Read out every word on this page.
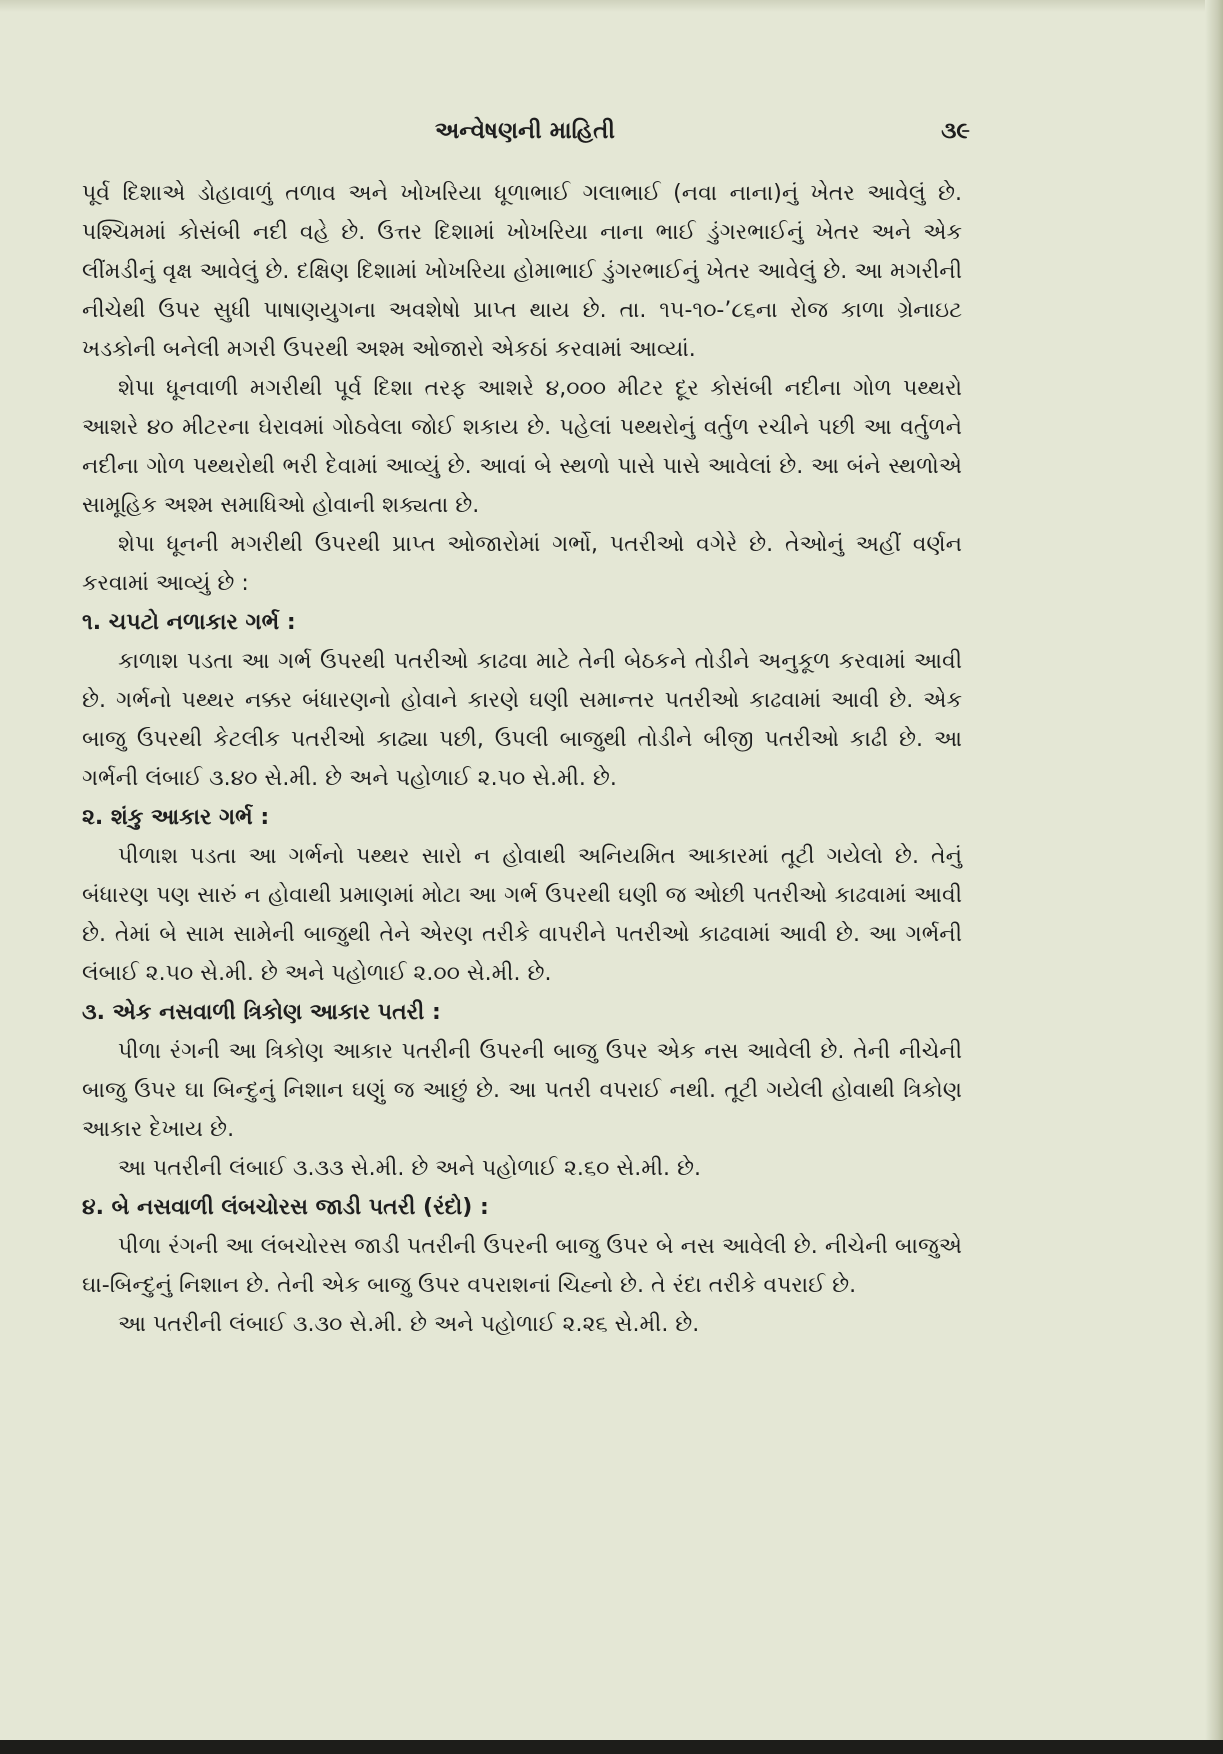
અન્વેષણની માહિતી	૩૯

પૂર્વ દિશાએ ડોહાવાળું તળાવ અને ખોખરિયા ધૂળાભાઈ ગલાભાઈ (નવા નાના)નું ખેતર આવેલું છે. પશ્ચિમમાં કોસંબી નદી વહે છે. ઉત્તર દિશામાં ખોખરિયા નાના ભાઈ ડુંગરભાઈનું ખેતર અને એક લીંમડીનું વૃક્ષ આવેલું છે. દક્ષિણ દિશામાં ખોખરિયા હોમાભાઈ ડુંગરભાઈનું ખેતર આવેલું છે. આ મગરીની નીચેથી ઉપર સુધી પાષાણયુગના અવશેષો પ્રાપ્ત થાય છે. તા. ૧૫-૧૦-’૮૬ના રોજ કાળા ગ્રેનાઇટ ખડકોની બનેલી મગરી ઉપરથી અશ્મ ઓજારો એકઠાં કરવામાં આવ્યાં.

શેપા ધૂનવાળી મગરીથી પૂર્વ દિશા તરફ આશરે ૪,૦૦૦ મીટર દૂર કોસંબી નદીના ગોળ પથ્થરો આશરે ૪૦ મીટરના ઘેરાવમાં ગોઠવેલા જોઈ શકાય છે. પહેલાં પથ્થરોનું વર્તુળ રચીને પછી આ વર્તુળને નદીના ગોળ પથ્થરોથી ભરી દેવામાં આવ્યું છે. આવાં બે સ્થળો પાસે પાસે આવેલાં છે. આ બંને સ્થળોએ સામૂહિક અશ્મ સમાધિઓ હોવાની શક્યતા છે.

શેપા ધૂનની મગરીથી ઉપરથી પ્રાપ્ત ઓજારોમાં ગર્ભો, પતરીઓ વગેરે છે. તેઓનું અહીં વર્ણન કરવામાં આવ્યું છે :

૧. ચપટો નળાકાર ગર્ભ :

કાળાશ પડતા આ ગર્ભ ઉપરથી પતરીઓ કાઢવા માટે તેની બેઠકને તોડીને અનુકૂળ કરવામાં આવી છે. ગર્ભનો પથ્થર નક્કર બંધારણનો હોવાને કારણે ઘણી સમાન્તર પતરીઓ કાઢવામાં આવી છે. એક બાજુ ઉપરથી કેટલીક પતરીઓ કાઢ્યા પછી, ઉપલી બાજુથી તોડીને બીજી પતરીઓ કાઢી છે. આ ગર્ભની લંબાઈ ૩.૪૦ સે.મી. છે અને પહોળાઈ ૨.૫૦ સે.મી. છે.

૨. શંકુ આકાર ગર્ભ :

પીળાશ પડતા આ ગર્ભનો પથ્થર સારો ન હોવાથી અનિયમિત આકારમાં તૂટી ગયેલો છે. તેનું બંધારણ પણ સારું ન હોવાથી પ્રમાણમાં મોટા આ ગર્ભ ઉપરથી ઘણી જ ઓછી પતરીઓ કાઢવામાં આવી છે. તેમાં બે સામ સામેની બાજુથી તેને એરણ તરીકે વાપરીને પતરીઓ કાઢવામાં આવી છે. આ ગર્ભની લંબાઈ ૨.૫૦ સે.મી. છે અને પહોળાઈ ૨.૦૦ સે.મી. છે.

૩. એક નસવાળી ત્રિકોણ આકાર પતરી :

પીળા રંગની આ ત્રિકોણ આકાર પતરીની ઉપરની બાજુ ઉપર એક નસ આવેલી છે. તેની નીચેની બાજુ ઉપર ઘા બિન્દુનું નિશાન ઘણું જ આછું છે. આ પતરી વપરાઈ નથી. તૂટી ગયેલી હોવાથી ત્રિકોણ આકાર દેખાય છે.

આ પતરીની લંબાઈ ૩.૩૩ સે.મી. છે અને પહોળાઈ ૨.૬૦ સે.મી. છે.

૪. બે નસવાળી લંબચોરસ જાડી પતરી (રંદો) :

પીળા રંગની આ લંબચોરસ જાડી પતરીની ઉપરની બાજુ ઉપર બે નસ આવેલી છે. નીચેની બાજુએ ઘા-બિન્દુનું નિશાન છે. તેની એક બાજુ ઉપર વપરાશનાં ચિહ્નો છે. તે રંદા તરીકે વપરાઈ છે.

આ પતરીની લંબાઈ ૩.૩૦ સે.મી. છે અને પહોળાઈ ૨.૨૬ સે.મી. છે.
